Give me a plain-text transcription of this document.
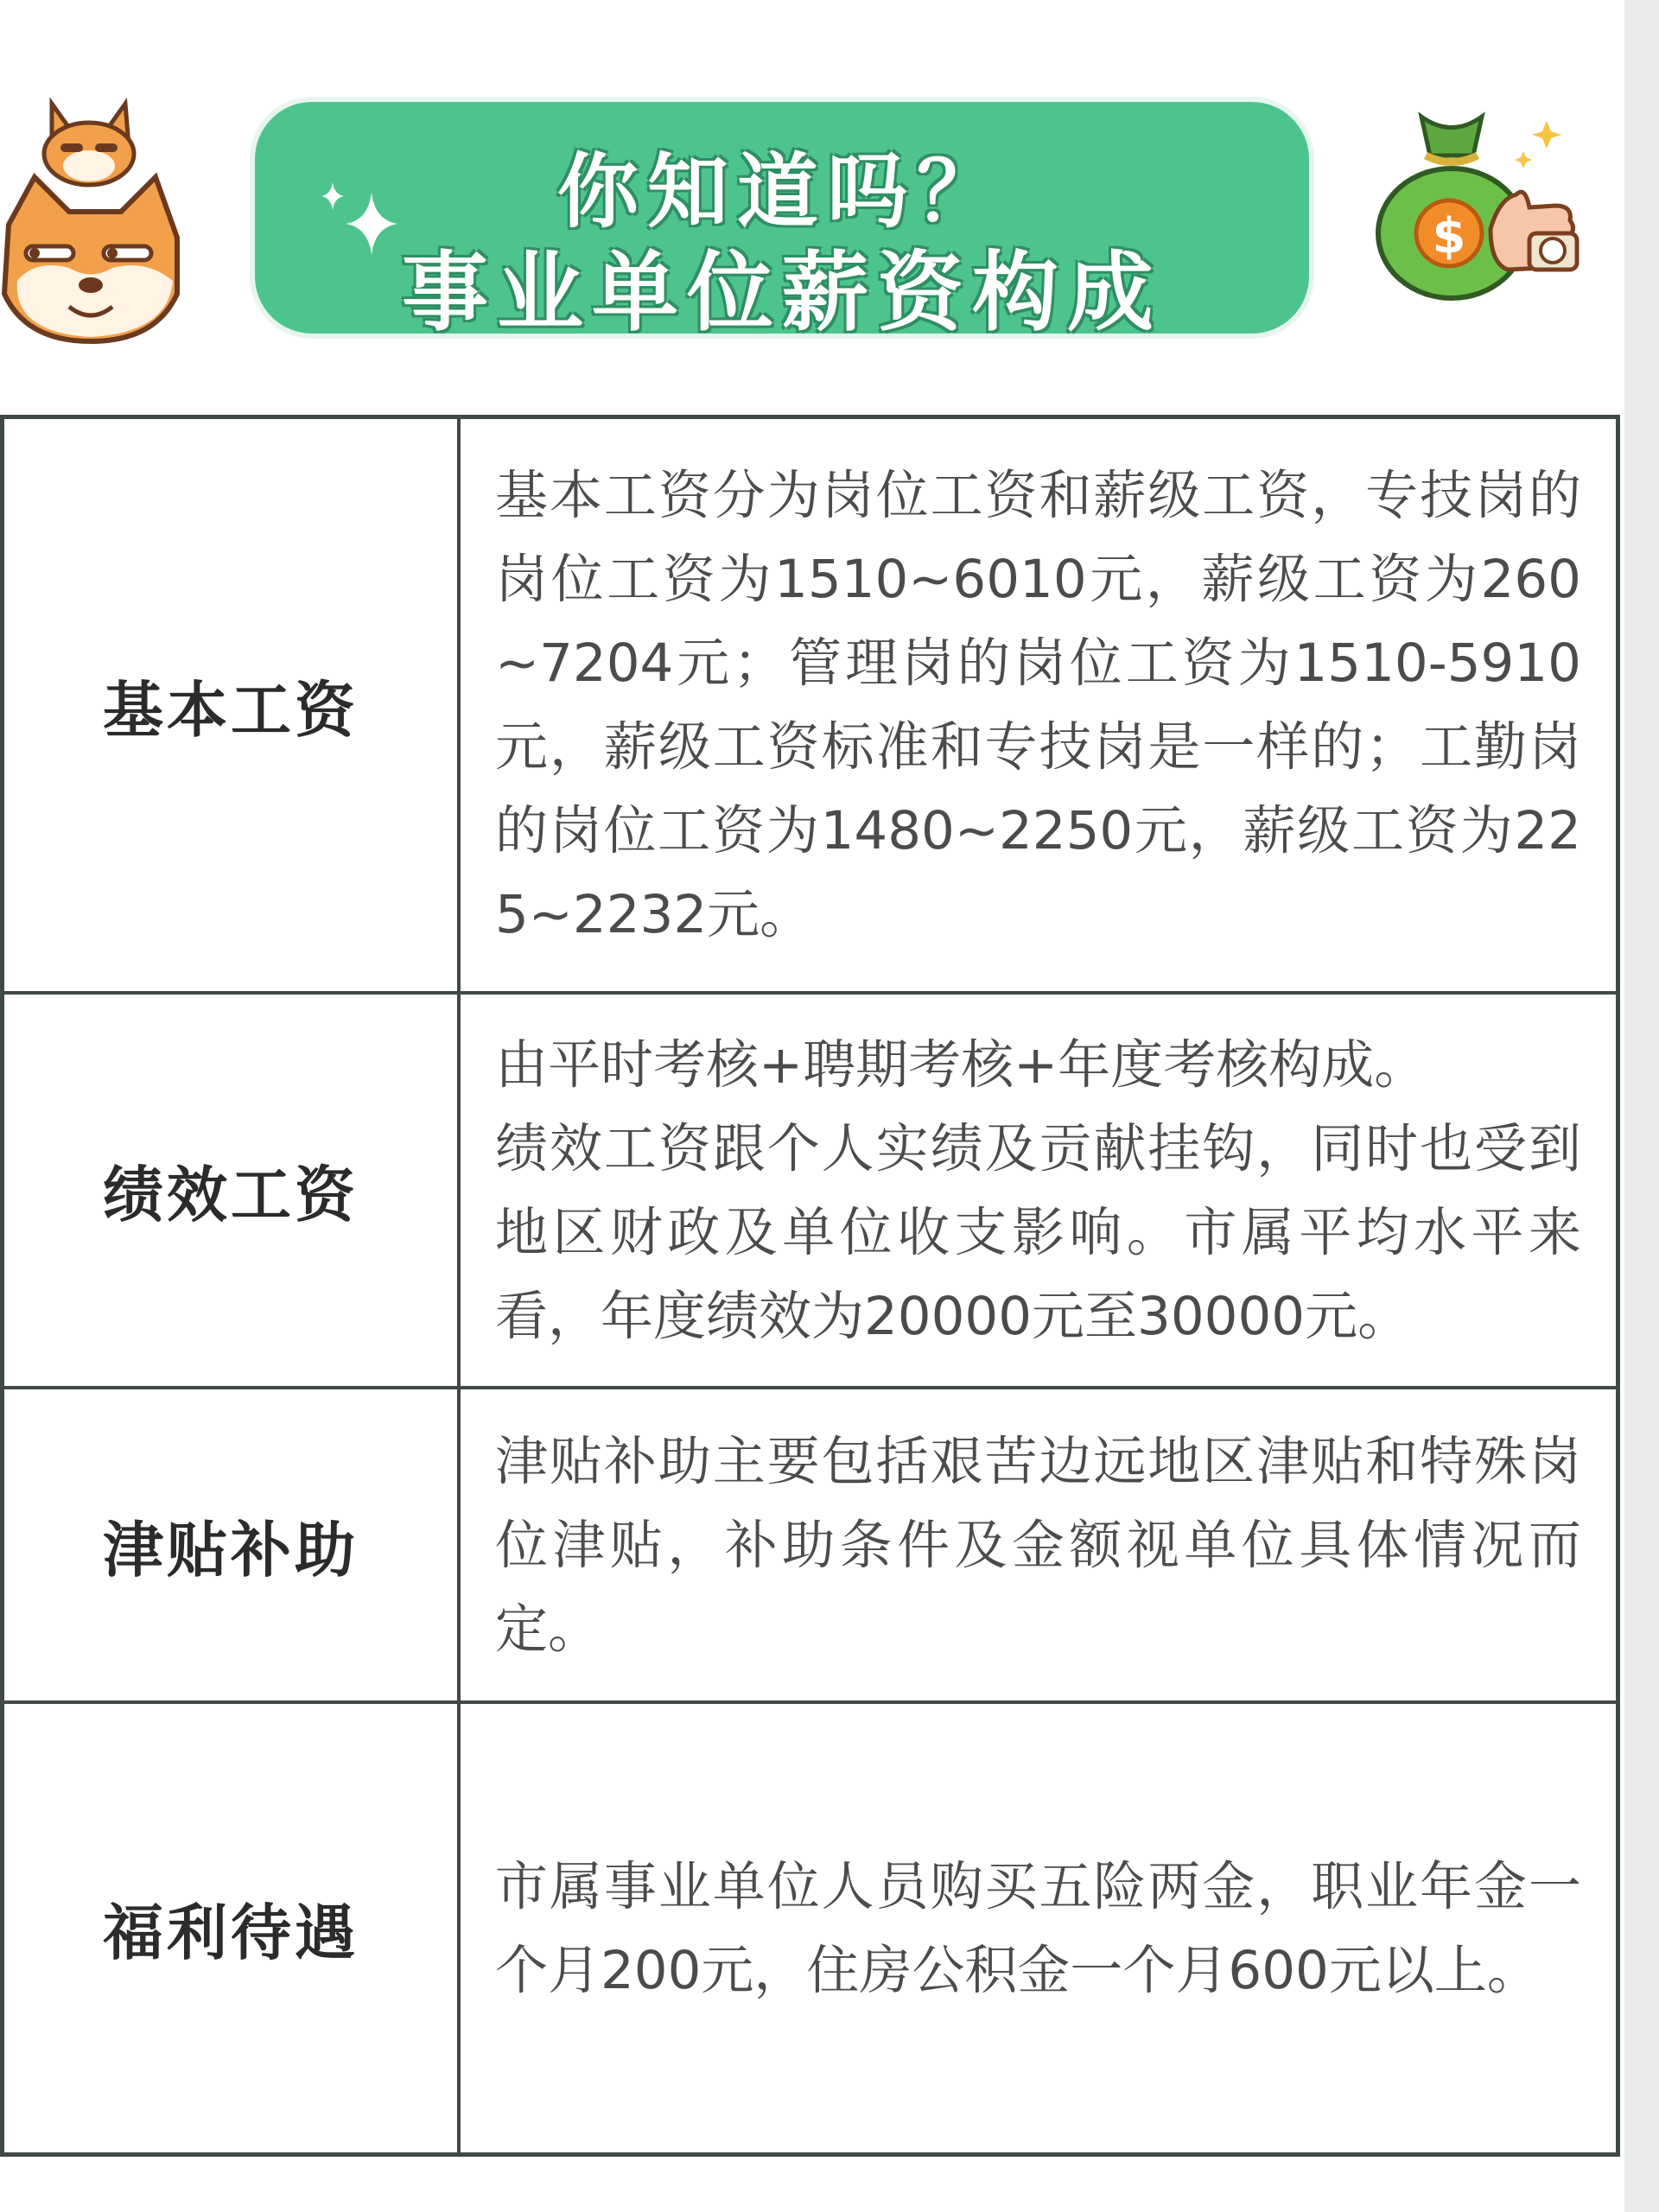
你知道吗？
事业单位薪资构成
$
基本工资
基本工资分为岗位工资和薪级工资，专技岗的岗位工资为1510~6010元，薪级工资为260~7204元；管理岗的岗位工资为1510-5910元，薪级工资标准和专技岗是一样的；工勤岗的岗位工资为1480~2250元，薪级工资为225~2232元。
绩效工资
由平时考核+聘期考核+年度考核构成。
绩效工资跟个人实绩及贡献挂钩，同时也受到地区财政及单位收支影响。市属平均水平来看，年度绩效为20000元至30000元。
津贴补助
津贴补助主要包括艰苦边远地区津贴和特殊岗位津贴，补助条件及金额视单位具体情况而定。
福利待遇
市属事业单位人员购买五险两金，职业年金一个月200元，住房公积金一个月600元以上。
